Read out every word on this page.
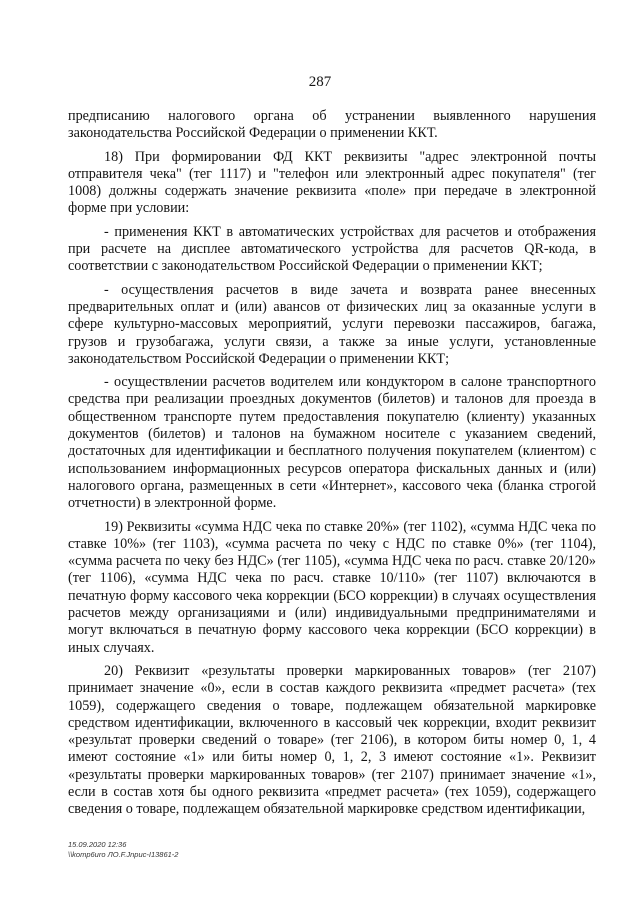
287

предписанию налогового органа об устранении выявленного нарушения законодательства Российской Федерации о применении ККТ.

18) При формировании ФД ККТ реквизиты "адрес электронной почты отправителя чека" (тег 1117) и "телефон или электронный адрес покупателя" (тег 1008) должны содержать значение реквизита «поле» при передаче в электронной форме при условии:

- применения ККТ в автоматических устройствах для расчетов и отображения при расчете на дисплее автоматического устройства для расчетов QR-кода, в соответствии с законодательством Российской Федерации о применении ККТ;

- осуществления расчетов в виде зачета и возврата ранее внесенных предварительных оплат и (или) авансов от физических лиц за оказанные услуги в сфере культурно-массовых мероприятий, услуги перевозки пассажиров, багажа, грузов и грузобагажа, услуги связи, а также за иные услуги, установленные законодательством Российской Федерации о применении ККТ;

- осуществлении расчетов водителем или кондуктором в салоне транспортного средства при реализации проездных документов (билетов) и талонов для проезда в общественном транспорте путем предоставления покупателю (клиенту) указанных документов (билетов) и талонов на бумажном носителе с указанием сведений, достаточных для идентификации и бесплатного получения покупателем (клиентом) с использованием информационных ресурсов оператора фискальных данных и (или) налогового органа, размещенных в сети «Интернет», кассового чека (бланка строгой отчетности) в электронной форме.

19) Реквизиты «сумма НДС чека по ставке 20%» (тег 1102), «сумма НДС чека по ставке 10%» (тег 1103), «сумма расчета по чеку с НДС по ставке 0%» (тег 1104), «сумма расчета по чеку без НДС» (тег 1105), «сумма НДС чека по расч. ставке 20/120» (тег 1106), «сумма НДС чека по расч. ставке 10/110» (тег 1107) включаются в печатную форму кассового чека коррекции (БСО коррекции) в случаях осуществления расчетов между организациями и (или) индивидуальными предпринимателями и могут включаться в печатную форму кассового чека коррекции (БСО коррекции) в иных случаях.

20) Реквизит «результаты проверки маркированных товаров» (тег 2107) принимает значение «0», если в состав каждого реквизита «предмет расчета» (тех 1059), содержащего сведения о товаре, подлежащем обязательной маркировке средством идентификации, включенного в кассовый чек коррекции, входит реквизит «результат проверки сведений о товаре» (тег 2106), в котором биты номер 0, 1, 4 имеют состояние «1» или биты номер 0, 1, 2, 3 имеют состояние «1». Реквизит «результаты проверки маркированных товаров» (тег 2107) принимает значение «1», если в состав хотя бы одного реквизита «предмет расчета» (тех 1059), содержащего сведения о товаре, подлежащем обязательной маркировке средством идентификации,

15.09.2020 12:36
\\komp6uro ЛО.F.Jnpuc-I13861-2
